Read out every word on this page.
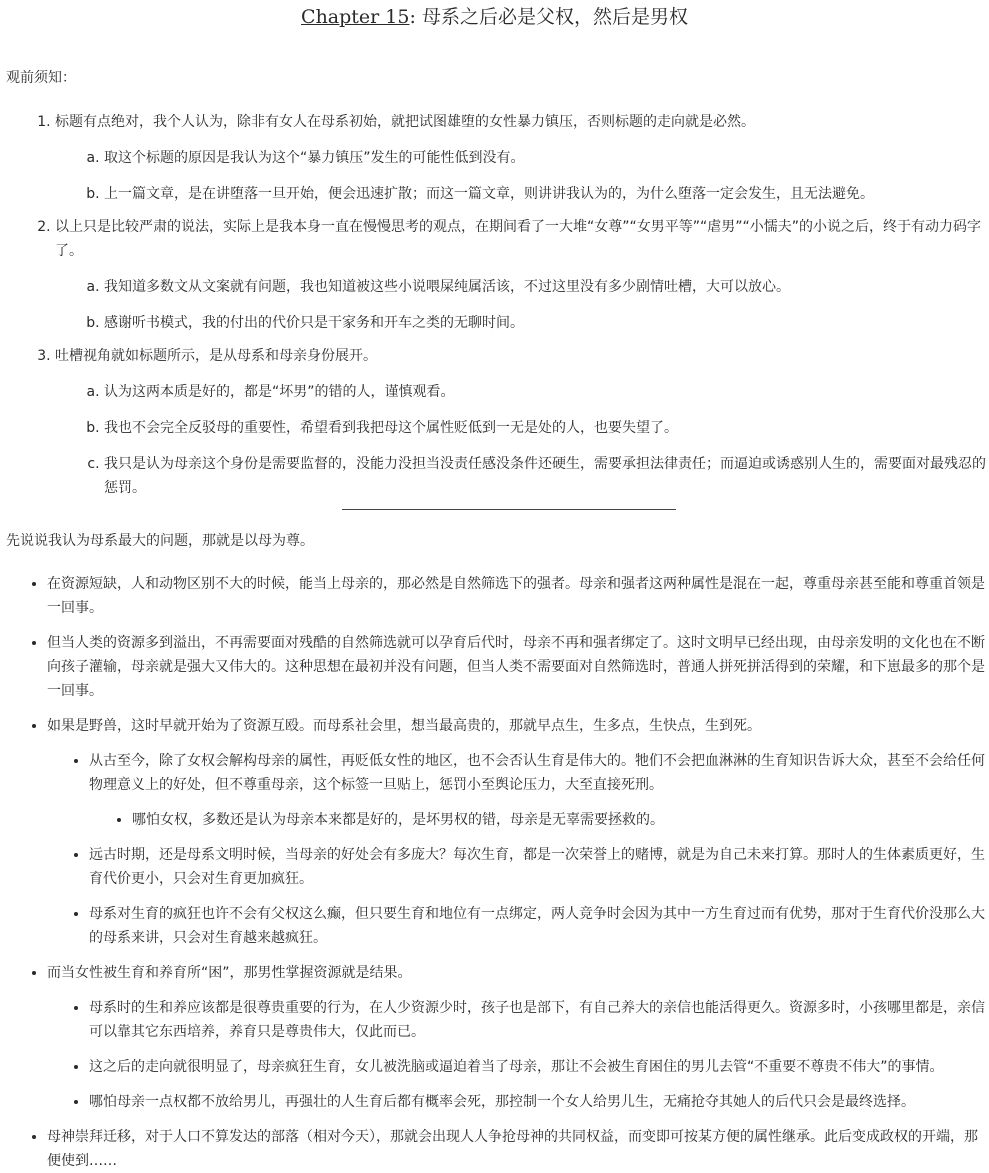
Chapter 15: 母系之后必是父权，然后是男权

观前须知：

1. 标题有点绝对，我个人认为，除非有女人在母系初始，就把试图雄堕的女性暴力镇压，否则标题的走向就是必然。
a. 取这个标题的原因是我认为这个“暴力镇压”发生的可能性低到没有。
b. 上一篇文章，是在讲堕落一旦开始，便会迅速扩散；而这一篇文章，则讲讲我认为的，为什么堕落一定会发生，且无法避免。
2. 以上只是比较严肃的说法，实际上是我本身一直在慢慢思考的观点，在期间看了一大堆“女尊”“女男平等”“虐男”“小懦夫”的小说之后，终于有动力码字了。
a. 我知道多数文从文案就有问题，我也知道被这些小说喂屎纯属活该，不过这里没有多少剧情吐槽，大可以放心。
b. 感谢听书模式，我的付出的代价只是干家务和开车之类的无聊时间。
3. 吐槽视角就如标题所示，是从母系和母亲身份展开。
a. 认为这两本质是好的，都是“坏男”的错的人，谨慎观看。
b. 我也不会完全反驳母的重要性，希望看到我把母这个属性贬低到一无是处的人，也要失望了。
c. 我只是认为母亲这个身份是需要监督的，没能力没担当没责任感没条件还硬生，需要承担法律责任；而逼迫或诱惑别人生的，需要面对最残忍的惩罚。

先说说我认为母系最大的问题，那就是以母为尊。

• 在资源短缺，人和动物区别不大的时候，能当上母亲的，那必然是自然筛选下的强者。母亲和强者这两种属性是混在一起，尊重母亲甚至能和尊重首领是一回事。
• 但当人类的资源多到溢出，不再需要面对残酷的自然筛选就可以孕育后代时，母亲不再和强者绑定了。这时文明早已经出现，由母亲发明的文化也在不断向孩子灌输，母亲就是强大又伟大的。这种思想在最初并没有问题，但当人类不需要面对自然筛选时，普通人拼死拼活得到的荣耀，和下崽最多的那个是一回事。
• 如果是野兽，这时早就开始为了资源互殴。而母系社会里，想当最高贵的，那就早点生，生多点，生快点，生到死。
• 从古至今，除了女权会解构母亲的属性，再贬低女性的地区，也不会否认生育是伟大的。牠们不会把血淋淋的生育知识告诉大众，甚至不会给任何物理意义上的好处，但不尊重母亲，这个标签一旦贴上，惩罚小至舆论压力，大至直接死刑。
• 哪怕女权，多数还是认为母亲本来都是好的，是坏男权的错，母亲是无辜需要拯救的。
• 远古时期，还是母系文明时候，当母亲的好处会有多庞大？每次生育，都是一次荣誉上的赌博，就是为自己未来打算。那时人的生体素质更好，生育代价更小，只会对生育更加疯狂。
• 母系对生育的疯狂也许不会有父权这么癫，但只要生育和地位有一点绑定，两人竞争时会因为其中一方生育过而有优势，那对于生育代价没那么大的母系来讲，只会对生育越来越疯狂。
• 而当女性被生育和养育所“困”，那男性掌握资源就是结果。
• 母系时的生和养应该都是很尊贵重要的行为，在人少资源少时，孩子也是部下，有自己养大的亲信也能活得更久。资源多时，小孩哪里都是，亲信可以靠其它东西培养，养育只是尊贵伟大，仅此而已。
• 这之后的走向就很明显了，母亲疯狂生育，女儿被洗脑或逼迫着当了母亲，那让不会被生育困住的男儿去管“不重要不尊贵不伟大”的事情。
• 哪怕母亲一点权都不放给男儿，再强壮的人生育后都有概率会死，那控制一个女人给男儿生，无痛抢夺其她人的后代只会是最终选择。
• 母神崇拜迁移，对于人口不算发达的部落（相对今天），那就会出现人人争抢母神的共同权益，而变即可按某方便的属性继承。此后变成政权的开端，那便使到……
